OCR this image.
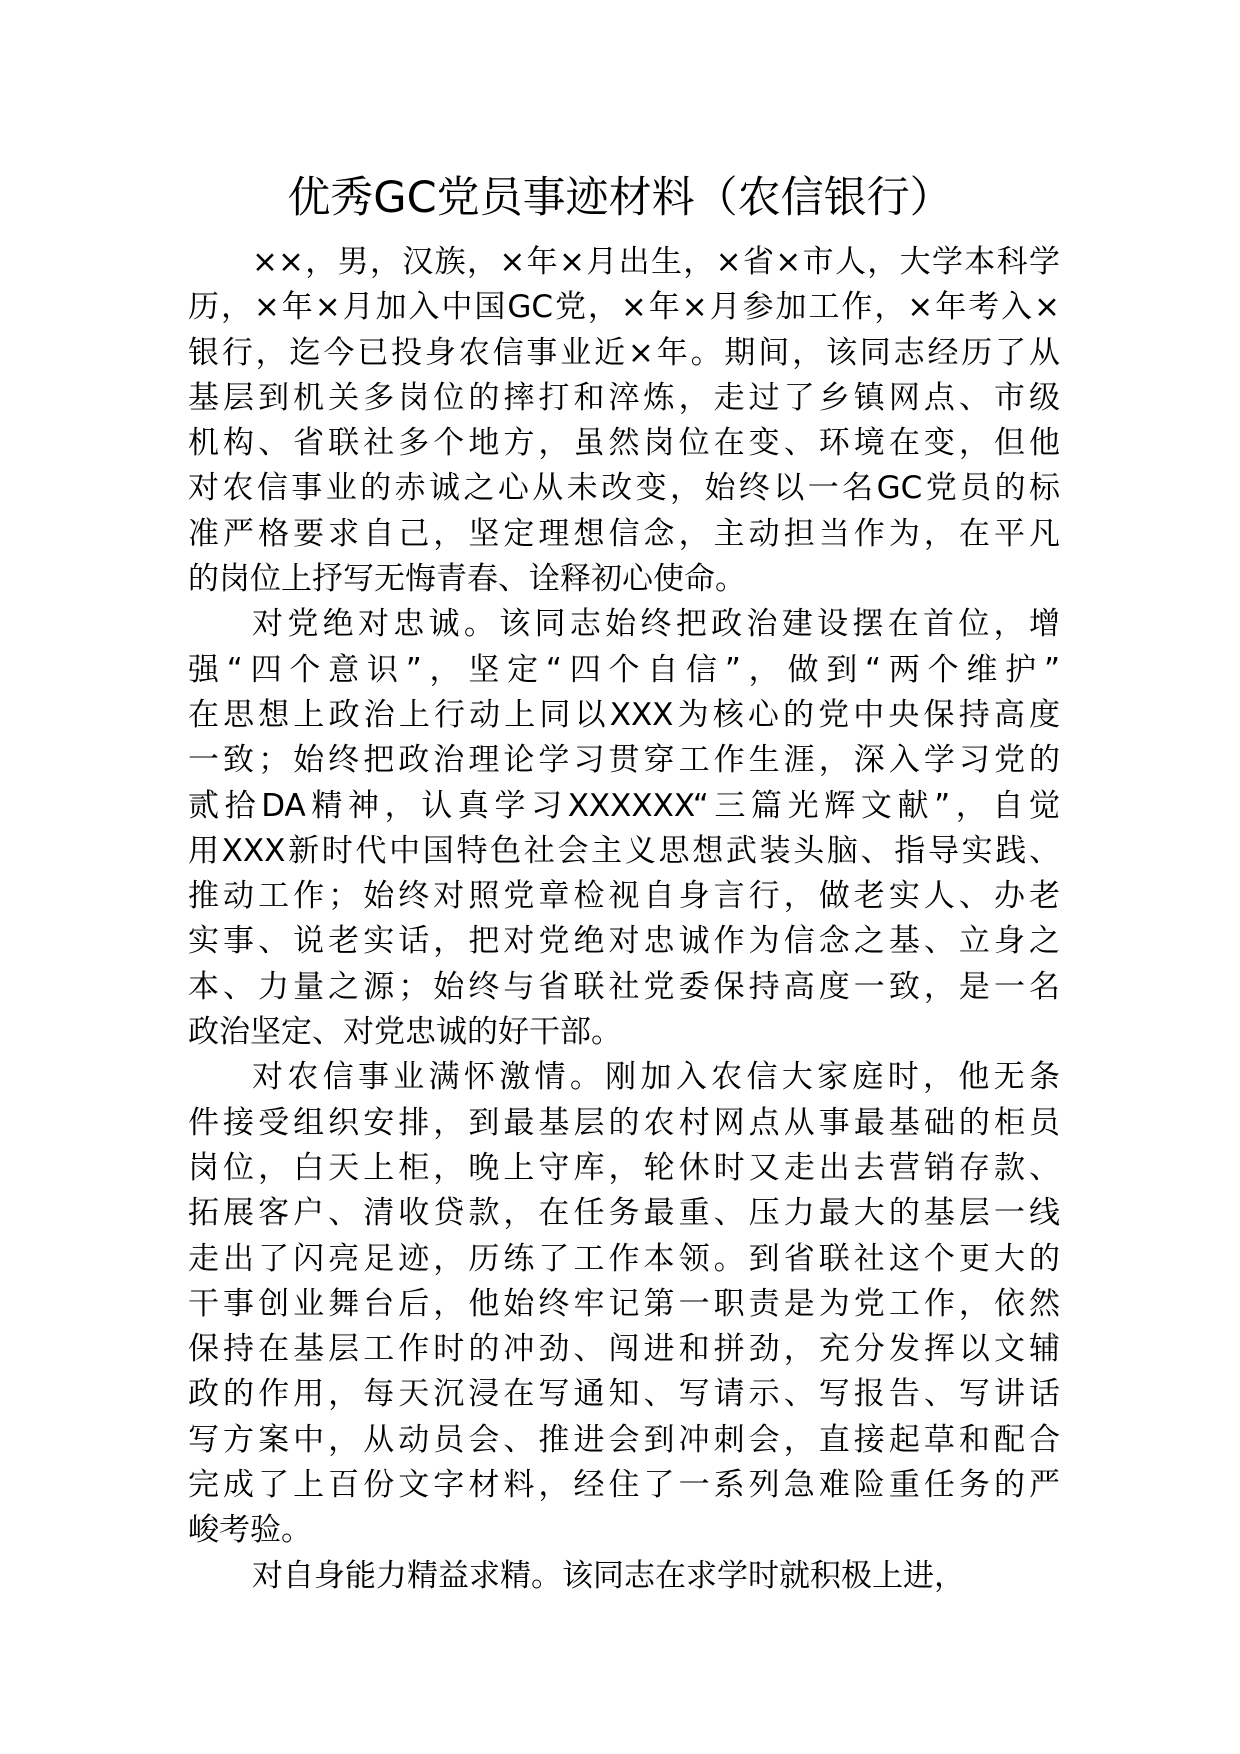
优秀GC党员事迹材料（农信银行）
××，男，汉族，×年×月出生，×省×市人，大学本科学
历，×年×月加入中国GC党，×年×月参加工作，×年考入×
银行，迄今已投身农信事业近×年。期间，该同志经历了从
基层到机关多岗位的摔打和淬炼，走过了乡镇网点、市级
机构、省联社多个地方，虽然岗位在变、环境在变，但他
对农信事业的赤诚之心从未改变，始终以一名GC党员的标
准严格要求自己，坚定理想信念，主动担当作为，在平凡
的岗位上抒写无悔青春、诠释初心使命。
对党绝对忠诚。该同志始终把政治建设摆在首位，增
强“四个意识”，坚定“四个自信”，做到“两个维护”
在思想上政治上行动上同以XXX为核心的党中央保持高度
一致；始终把政治理论学习贯穿工作生涯，深入学习党的
贰拾DA精神，认真学习XXXXXX“三篇光辉文献”，自觉
用XXX新时代中国特色社会主义思想武装头脑、指导实践、
推动工作；始终对照党章检视自身言行，做老实人、办老
实事、说老实话，把对党绝对忠诚作为信念之基、立身之
本、力量之源；始终与省联社党委保持高度一致，是一名
政治坚定、对党忠诚的好干部。
对农信事业满怀激情。刚加入农信大家庭时，他无条
件接受组织安排，到最基层的农村网点从事最基础的柜员
岗位，白天上柜，晚上守库，轮休时又走出去营销存款、
拓展客户、清收贷款，在任务最重、压力最大的基层一线
走出了闪亮足迹，历练了工作本领。到省联社这个更大的
干事创业舞台后，他始终牢记第一职责是为党工作，依然
保持在基层工作时的冲劲、闯进和拼劲，充分发挥以文辅
政的作用，每天沉浸在写通知、写请示、写报告、写讲话
写方案中，从动员会、推进会到冲刺会，直接起草和配合
完成了上百份文字材料，经住了一系列急难险重任务的严
峻考验。
对自身能力精益求精。该同志在求学时就积极上进，
